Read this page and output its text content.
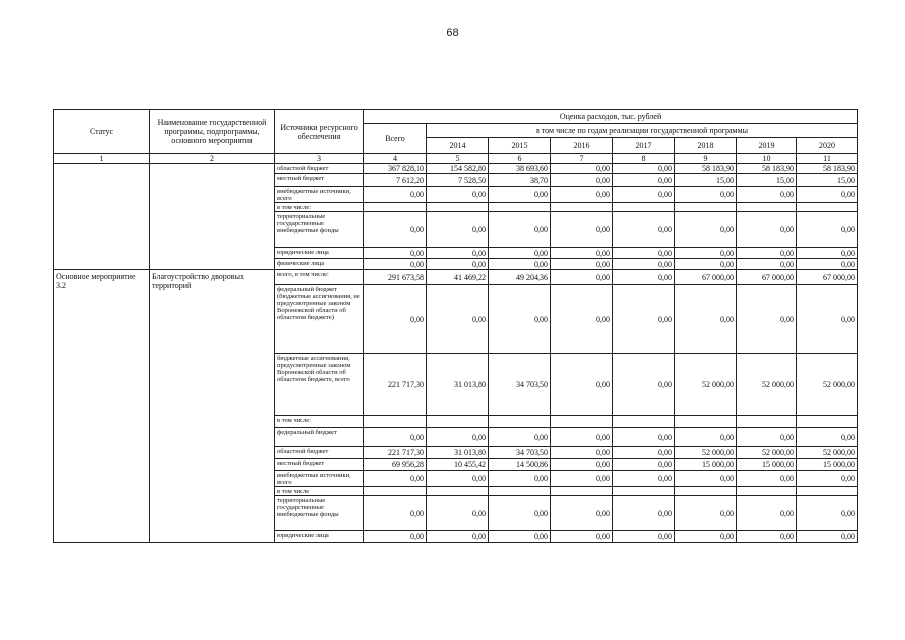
68
Статус	Наименование государственной программы, подпрограммы, основного мероприятия	Источники ресурсного обеспечения	Оценка расходов, тыс. рублей							
			Всего	в том числе по годам реализации государственной программы						
				2014	2015	2016	2017	2018	2019	2020
1	2	3	4	5	6	7	8	9	10	11
		областной бюджет	367 828,10	154 582,80	38 693,60	0,00	0,00	58 183,90	58 183,90	58 183,90
		местный бюджет	7 612,20	7 528,50	38,70	0,00	0,00	15,00	15,00	15,00
		внебюджетные источники, всего	0,00	0,00	0,00	0,00	0,00	0,00	0,00	0,00
		в том числе:								
		территориальные государственные внебюджетные фонды	0,00	0,00	0,00	0,00	0,00	0,00	0,00	0,00
		юридические лица	0,00	0,00	0,00	0,00	0,00	0,00	0,00	0,00
		физические лица	0,00	0,00	0,00	0,00	0,00	0,00	0,00	0,00
Основное мероприятие 3.2	Благоустройство дворовых территорий	всего, в том числе:	291 673,58	41 469,22	49 204,36	0,00	0,00	67 000,00	67 000,00	67 000,00
		федеральный бюджет (бюджетные ассигнования, не предусмотренные законом Воронежской области об областном бюджете)	0,00	0,00	0,00	0,00	0,00	0,00	0,00	0,00
		бюджетные ассигнования, предусмотренные законом Воронежской области об областном бюджете, всего	221 717,30	31 013,80	34 703,50	0,00	0,00	52 000,00	52 000,00	52 000,00
		в том числе:								
		федеральный бюджет	0,00	0,00	0,00	0,00	0,00	0,00	0,00	0,00
		областной бюджет	221 717,30	31 013,80	34 703,50	0,00	0,00	52 000,00	52 000,00	52 000,00
		местный бюджет	69 956,28	10 455,42	14 500,86	0,00	0,00	15 000,00	15 000,00	15 000,00
		внебюджетные источники, всего	0,00	0,00	0,00	0,00	0,00	0,00	0,00	0,00
		в том числе								
		территориальные государственные внебюджетные фонды	0,00	0,00	0,00	0,00	0,00	0,00	0,00	0,00
		юридические лица	0,00	0,00	0,00	0,00	0,00	0,00	0,00	0,00
